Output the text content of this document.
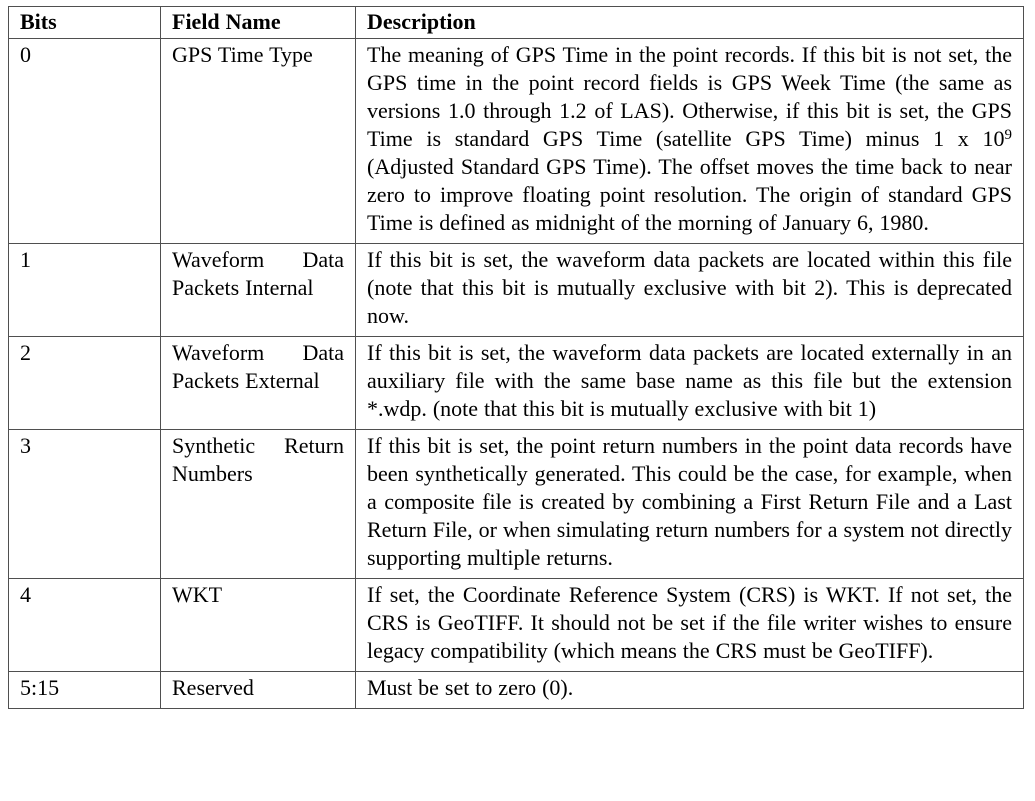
Bits	Field Name	Description
0	GPS Time Type	The meaning of GPS Time in the point records. If this bit is not set, the GPS time in the point record fields is GPS Week Time (the same as versions 1.0 through 1.2 of LAS). Otherwise, if this bit is set, the GPS Time is standard GPS Time (satellite GPS Time) minus 1 x $10^9$ (Adjusted Standard GPS Time). The offset moves the time back to near zero to improve floating point resolution. The origin of standard GPS Time is defined as midnight of the morning of January 6, 1980.
1	Waveform Data Packets Internal	If this bit is set, the waveform data packets are located within this file (note that this bit is mutually exclusive with bit 2). This is deprecated now.
2	Waveform Data Packets External	If this bit is set, the waveform data packets are located externally in an auxiliary file with the same base name as this file but the extension *.wdp. (note that this bit is mutually exclusive with bit 1)
3	Synthetic Return Numbers	If this bit is set, the point return numbers in the point data records have been synthetically generated. This could be the case, for example, when a composite file is created by combining a First Return File and a Last Return File, or when simulating return numbers for a system not directly supporting multiple returns.
4	WKT	If set, the Coordinate Reference System (CRS) is WKT. If not set, the CRS is GeoTIFF. It should not be set if the file writer wishes to ensure legacy compatibility (which means the CRS must be GeoTIFF).
5:15	Reserved	Must be set to zero (0).
